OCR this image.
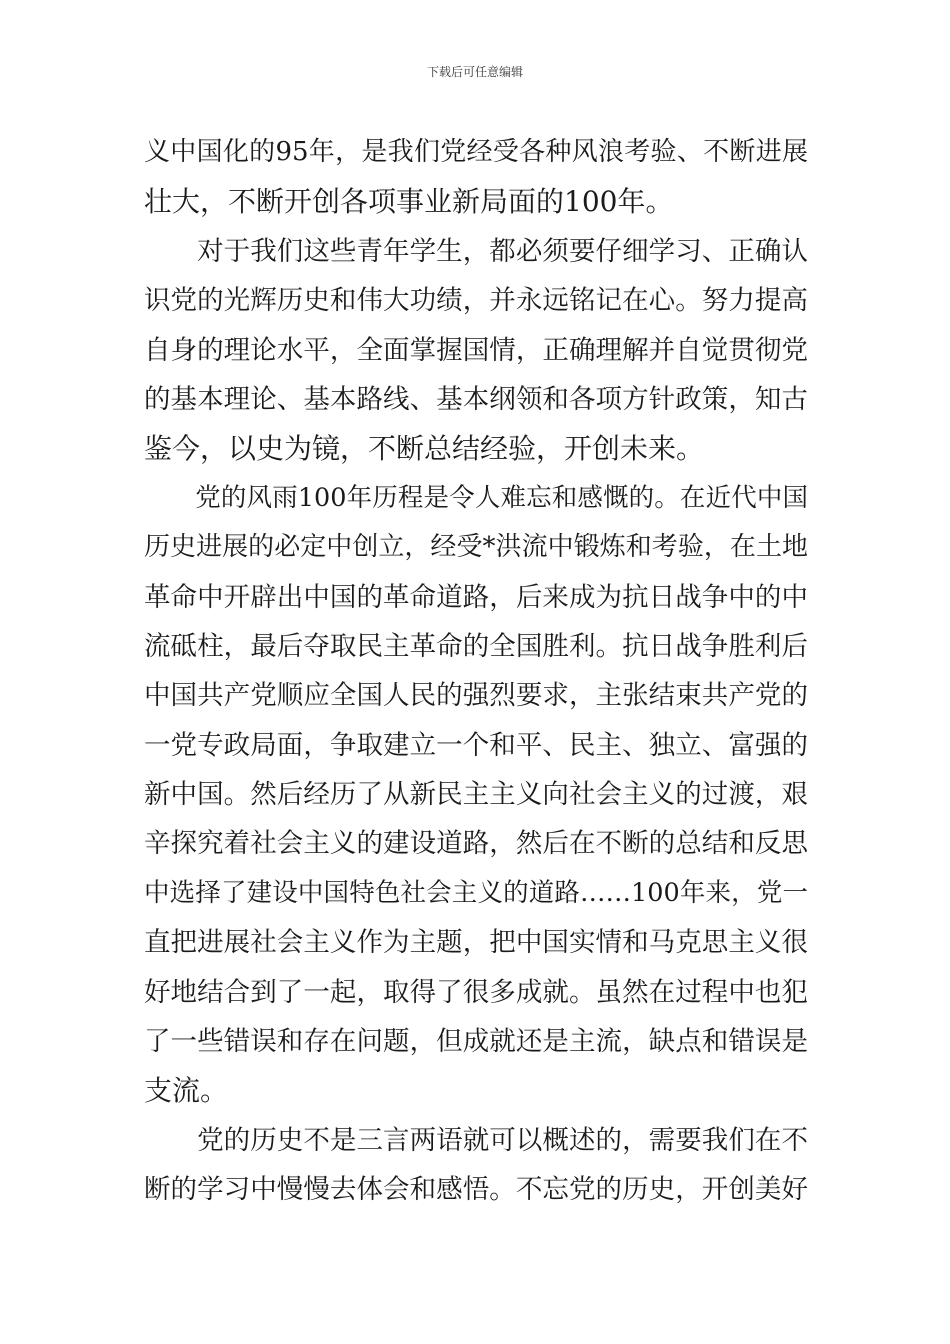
下载后可任意编辑
义中国化的95年，是我们党经受各种风浪考验、不断进展
壮大，不断开创各项事业新局面的100年。
　　对于我们这些青年学生，都必须要仔细学习、正确认
识党的光辉历史和伟大功绩，并永远铭记在心。努力提高
自身的理论水平，全面掌握国情，正确理解并自觉贯彻党
的基本理论、基本路线、基本纲领和各项方针政策，知古
鉴今，以史为镜，不断总结经验，开创未来。
　　党的风雨100年历程是令人难忘和感慨的。在近代中国
历史进展的必定中创立，经受*洪流中锻炼和考验，在土地
革命中开辟出中国的革命道路，后来成为抗日战争中的中
流砥柱，最后夺取民主革命的全国胜利。抗日战争胜利后
中国共产党顺应全国人民的强烈要求，主张结束共产党的
一党专政局面，争取建立一个和平、民主、独立、富强的
新中国。然后经历了从新民主主义向社会主义的过渡，艰
辛探究着社会主义的建设道路，然后在不断的总结和反思
中选择了建设中国特色社会主义的道路……100年来，党一
直把进展社会主义作为主题，把中国实情和马克思主义很
好地结合到了一起，取得了很多成就。虽然在过程中也犯
了一些错误和存在问题，但成就还是主流，缺点和错误是
支流。
　　党的历史不是三言两语就可以概述的，需要我们在不
断的学习中慢慢去体会和感悟。不忘党的历史，开创美好
